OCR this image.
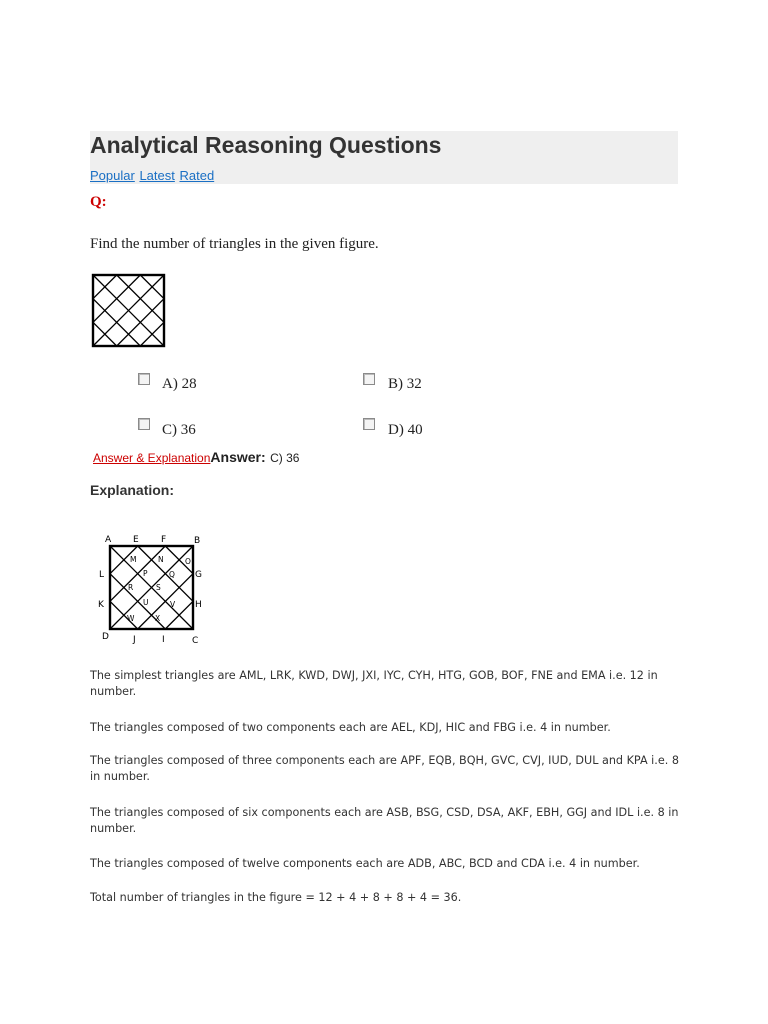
Analytical Reasoning Questions
Popular Latest Rated
Q:
Find the number of triangles in the given figure.
A) 28	B) 32
C) 36	D) 40
Answer & ExplanationAnswer: C) 36
Explanation:
A E F	B
L	G
K	H
D	J	I	C
M	N	O
P	Q
R	S
U	V
W	X
The simplest triangles are AML, LRK, KWD, DWJ, JXI, IYC, CYH, HTG, GOB, BOF, FNE and EMA i.e. 12 in number.
The triangles composed of two components each are AEL, KDJ, HIC and FBG i.e. 4 in number.
The triangles composed of three components each are APF, EQB, BQH, GVC, CVJ, IUD, DUL and KPA i.e. 8 in number.
The triangles composed of six components each are ASB, BSG, CSD, DSA, AKF, EBH, GGJ and IDL i.e. 8 in number.
The triangles composed of twelve components each are ADB, ABC, BCD and CDA i.e. 4 in number.
Total number of triangles in the figure = 12 + 4 + 8 + 8 + 4 = 36.
